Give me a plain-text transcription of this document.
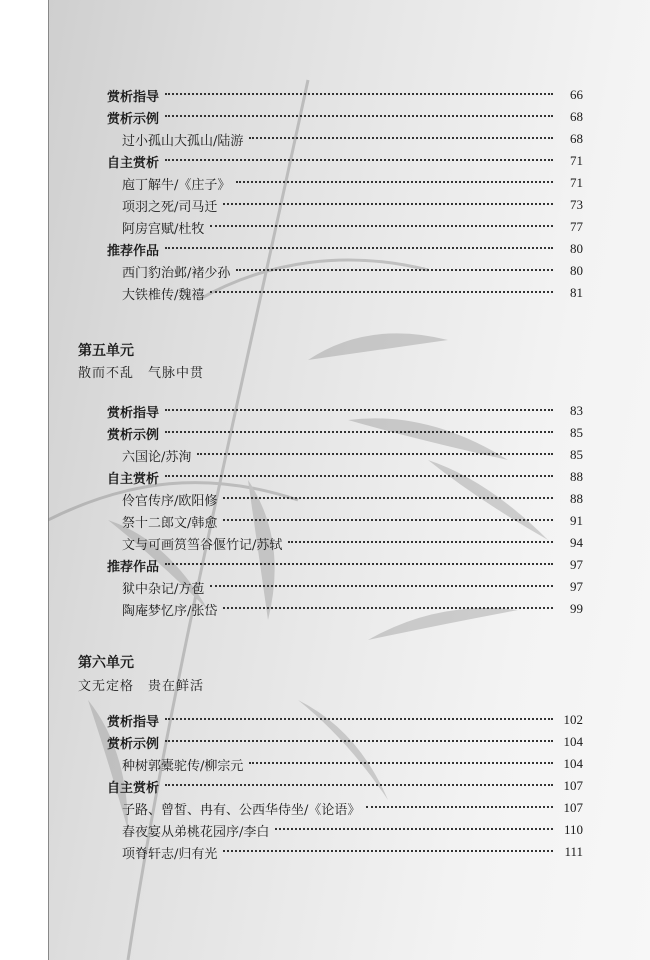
赏析指导	66
赏析示例	68
过小孤山大孤山/陆游	68
自主赏析	71
庖丁解牛/《庄子》	71
项羽之死/司马迁	73
阿房宫赋/杜牧	77
推荐作品	80
西门豹治邺/褚少孙	80
大铁椎传/魏禧	81
赏析指导	83
赏析示例	85
六国论/苏洵	85
自主赏析	88
伶官传序/欧阳修	88
祭十二郎文/韩愈	91
文与可画筼筜谷偃竹记/苏轼	94
推荐作品	97
狱中杂记/方苞	97
陶庵梦忆序/张岱	99
赏析指导	102
赏析示例	104
种树郭橐驼传/柳宗元	104
自主赏析	107
子路、曾皙、冉有、公西华侍坐/《论语》	107
春夜宴从弟桃花园序/李白	110
项脊轩志/归有光	111
第五单元
散而不乱　气脉中贯
第六单元
文无定格　贵在鲜活
